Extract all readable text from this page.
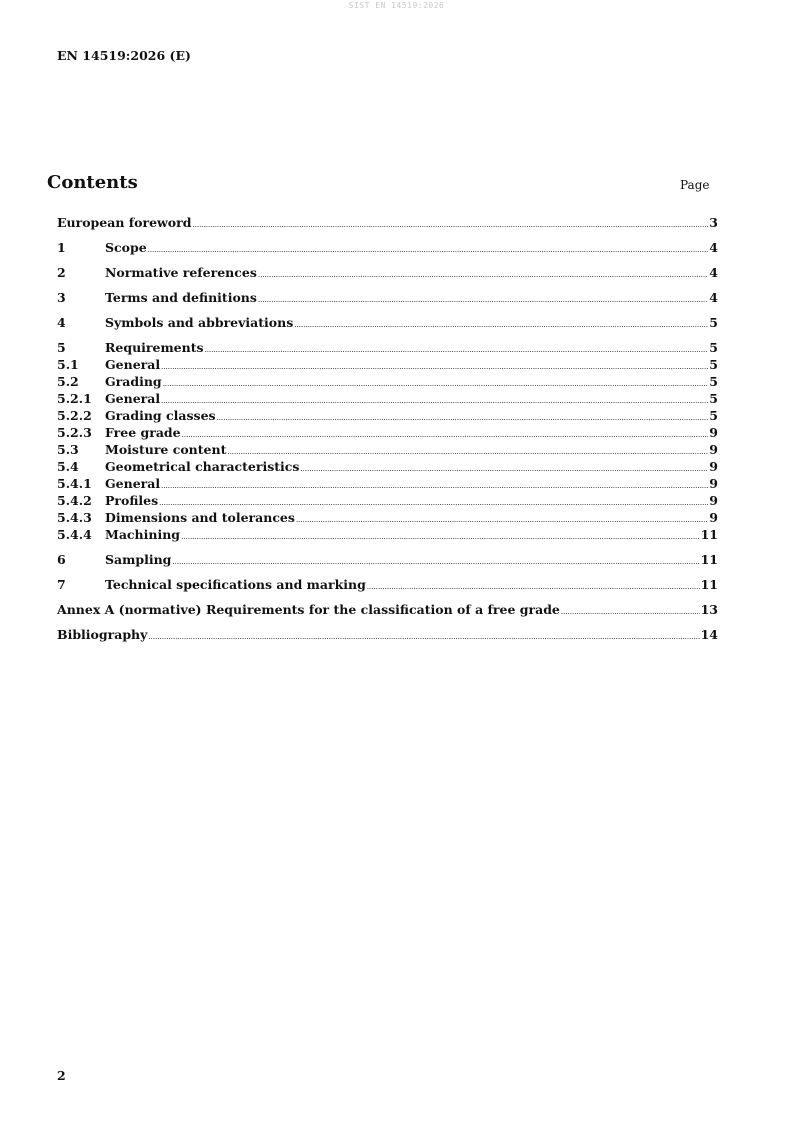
SIST EN 14519:2026
EN 14519:2026 (E)
Contents	Page
European foreword .....	3
1	Scope .....	4
2	Normative references .....	4
3	Terms and definitions .....	4
4	Symbols and abbreviations .....	5
5	Requirements .....	5
5.1	General .....	5
5.2	Grading .....	5
5.2.1	General .....	5
5.2.2	Grading classes .....	5
5.2.3	Free grade .....	9
5.3	Moisture content .....	9
5.4	Geometrical characteristics .....	9
5.4.1	General .....	9
5.4.2	Profiles .....	9
5.4.3	Dimensions and tolerances .....	9
5.4.4	Machining .....	11
6	Sampling .....	11
7	Technical specifications and marking .....	11
Annex A (normative) Requirements for the classification of a free grade .....	13
Bibliography .....	14
2
